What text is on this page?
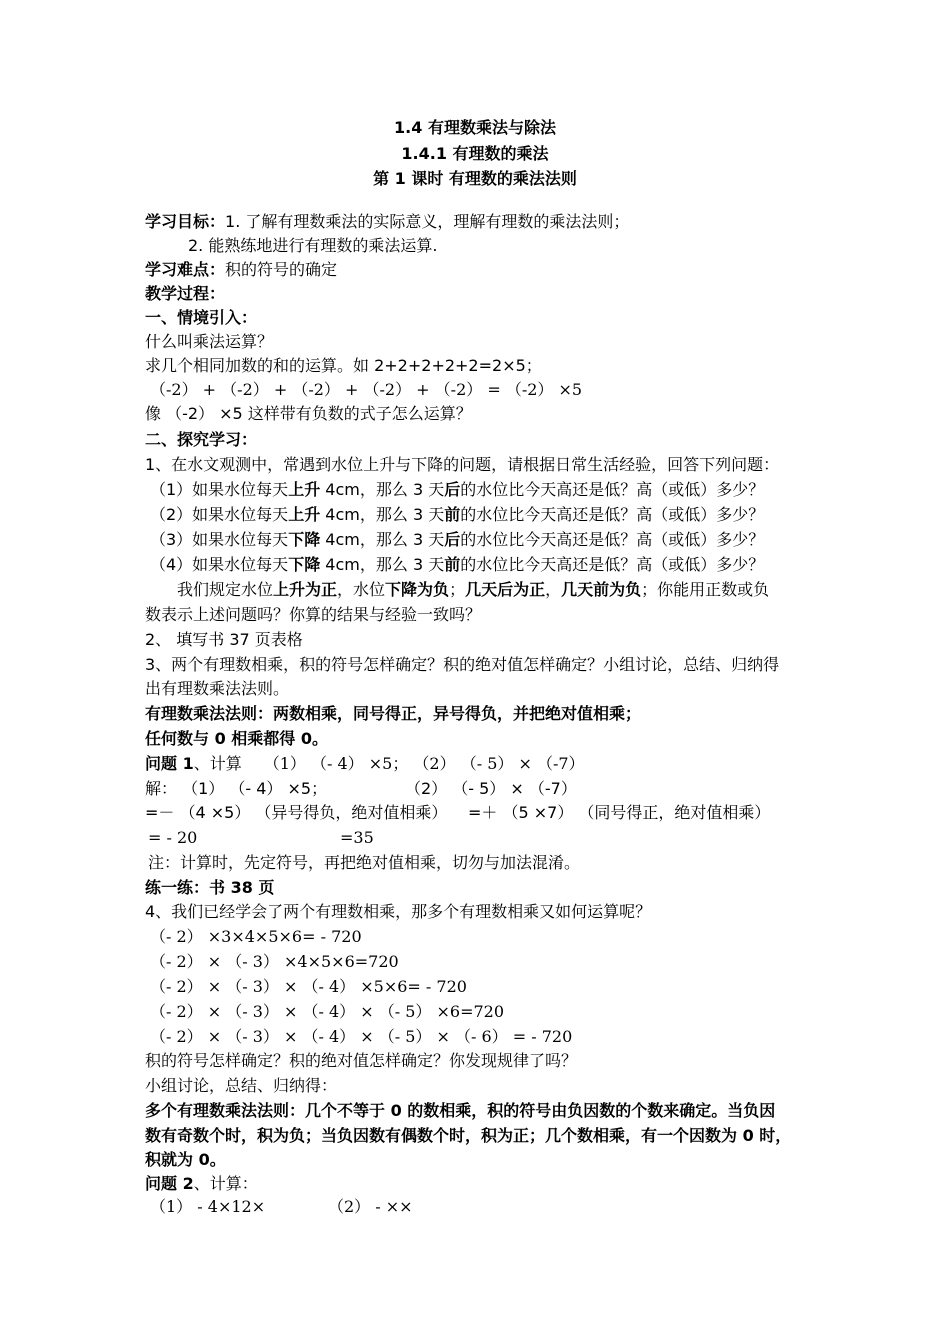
1.4 有理数乘法与除法
1.4.1 有理数的乘法
第 1 课时 有理数的乘法法则
学习目标：1. 了解有理数乘法的实际意义，理解有理数的乘法法则；
2. 能熟练地进行有理数的乘法运算.
学习难点：积的符号的确定
教学过程：
一、情境引入：
什么叫乘法运算？
求几个相同加数的和的运算。如 2+2+2+2+2=2×5；
（-2） + （-2） + （-2） + （-2） + （-2） = （-2） ×5
像 （-2） ×5 这样带有负数的式子怎么运算？
二、探究学习：
1、在水文观测中，常遇到水位上升与下降的问题，请根据日常生活经验，回答下列问题：
（1）如果水位每天上升 4cm，那么 3 天后的水位比今天高还是低？高（或低）多少？
（2）如果水位每天上升 4cm，那么 3 天前的水位比今天高还是低？高（或低）多少？
（3）如果水位每天下降 4cm，那么 3 天后的水位比今天高还是低？高（或低）多少？
（4）如果水位每天下降 4cm，那么 3 天前的水位比今天高还是低？高（或低）多少？
我们规定水位上升为正，水位下降为负；几天后为正，几天前为负；你能用正数或负
数表示上述问题吗？你算的结果与经验一致吗？
2、 填写书 37 页表格
3、两个有理数相乘，积的符号怎样确定？积的绝对值怎样确定？小组讨论，总结、归纳得
出有理数乘法法则。
有理数乘法法则：两数相乘，同号得正，异号得负，并把绝对值相乘；
任何数与 0 相乘都得 0。
问题 1、计算 （1） （- 4） ×5； （2） （- 5） × （-7）
解： （1） （- 4） ×5；	（2） （- 5） × （-7）
=－ （4 ×5） （异号得负，绝对值相乘） =＋ （5 ×7） （同号得正，绝对值相乘）
= - 20	=35
注：计算时，先定符号，再把绝对值相乘，切勿与加法混淆。
练一练：书 38 页
4、我们已经学会了两个有理数相乘，那多个有理数相乘又如何运算呢？
（- 2） ×3×4×5×6= - 720
（- 2） × （- 3） ×4×5×6=720
（- 2） × （- 3） × （- 4） ×5×6= - 720
（- 2） × （- 3） × （- 4） × （- 5） ×6=720
（- 2） × （- 3） × （- 4） × （- 5） × （- 6） = - 720
积的符号怎样确定？积的绝对值怎样确定？你发现规律了吗？
小组讨论，总结、归纳得：
多个有理数乘法法则：几个不等于 0 的数相乘，积的符号由负因数的个数来确定。当负因
数有奇数个时，积为负；当负因数有偶数个时，积为正；几个数相乘，有一个因数为 0 时，
积就为 0。
问题 2、计算：
（1） - 4×12×	（2） - ××
